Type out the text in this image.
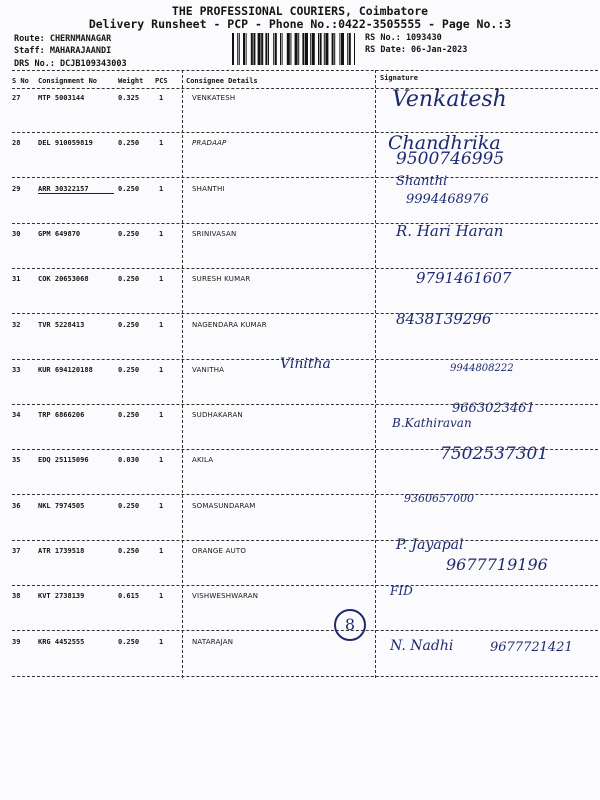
THE PROFESSIONAL COURIERS, Coimbatore
Delivery Runsheet - PCP - Phone No.:0422-3505555 - Page No.:3
Route: CHERNMANAGAR
Staff: MAHARAJAANDI
DRS No.: DCJB109343003
RS No.: 1093430
RS Date: 06-Jan-2023
S No Consignment No	Weight PCS	Consignee Details	Signature
27	MTP 5003144	0.325	1	VENKATESH	Venkatesh
28	DEL 910059819	0.250	1	PRADAAP	Chandhrika
9500746995
29	ARR 30322157	0.250	1	SHANTHI	Shanthi
9994468976
30	GPM 649870	0.250	1	SRINIVASAN	R. Hari Haran
31	COK 20653068	0.250	1	SURESH KUMAR	9791461607
32	TVR 5228413	0.250	1	NAGENDARA KUMAR	8438139296
33	KUR 694120188	0.250	1	VANITHA	Vinitha	9944808222
34	TRP 6866206	0.250	1	SUDHAKARAN	9663023461
B.Kathiravan
35	EDQ 25115096	0.030	1	AKILA	7502537301
36	NKL 7974505	0.250	1	SOMASUNDARAM
9360657000
37	ATR 1739518	0.250	1	ORANGE AUTO	P. Jayapal
9677719196
38	KVT 2738139	0.615	1	VISHWESHWARAN	FID
39	KRG 4452555	0.250	1	NATARAJAN	N. Nadhi	9677721421
8
